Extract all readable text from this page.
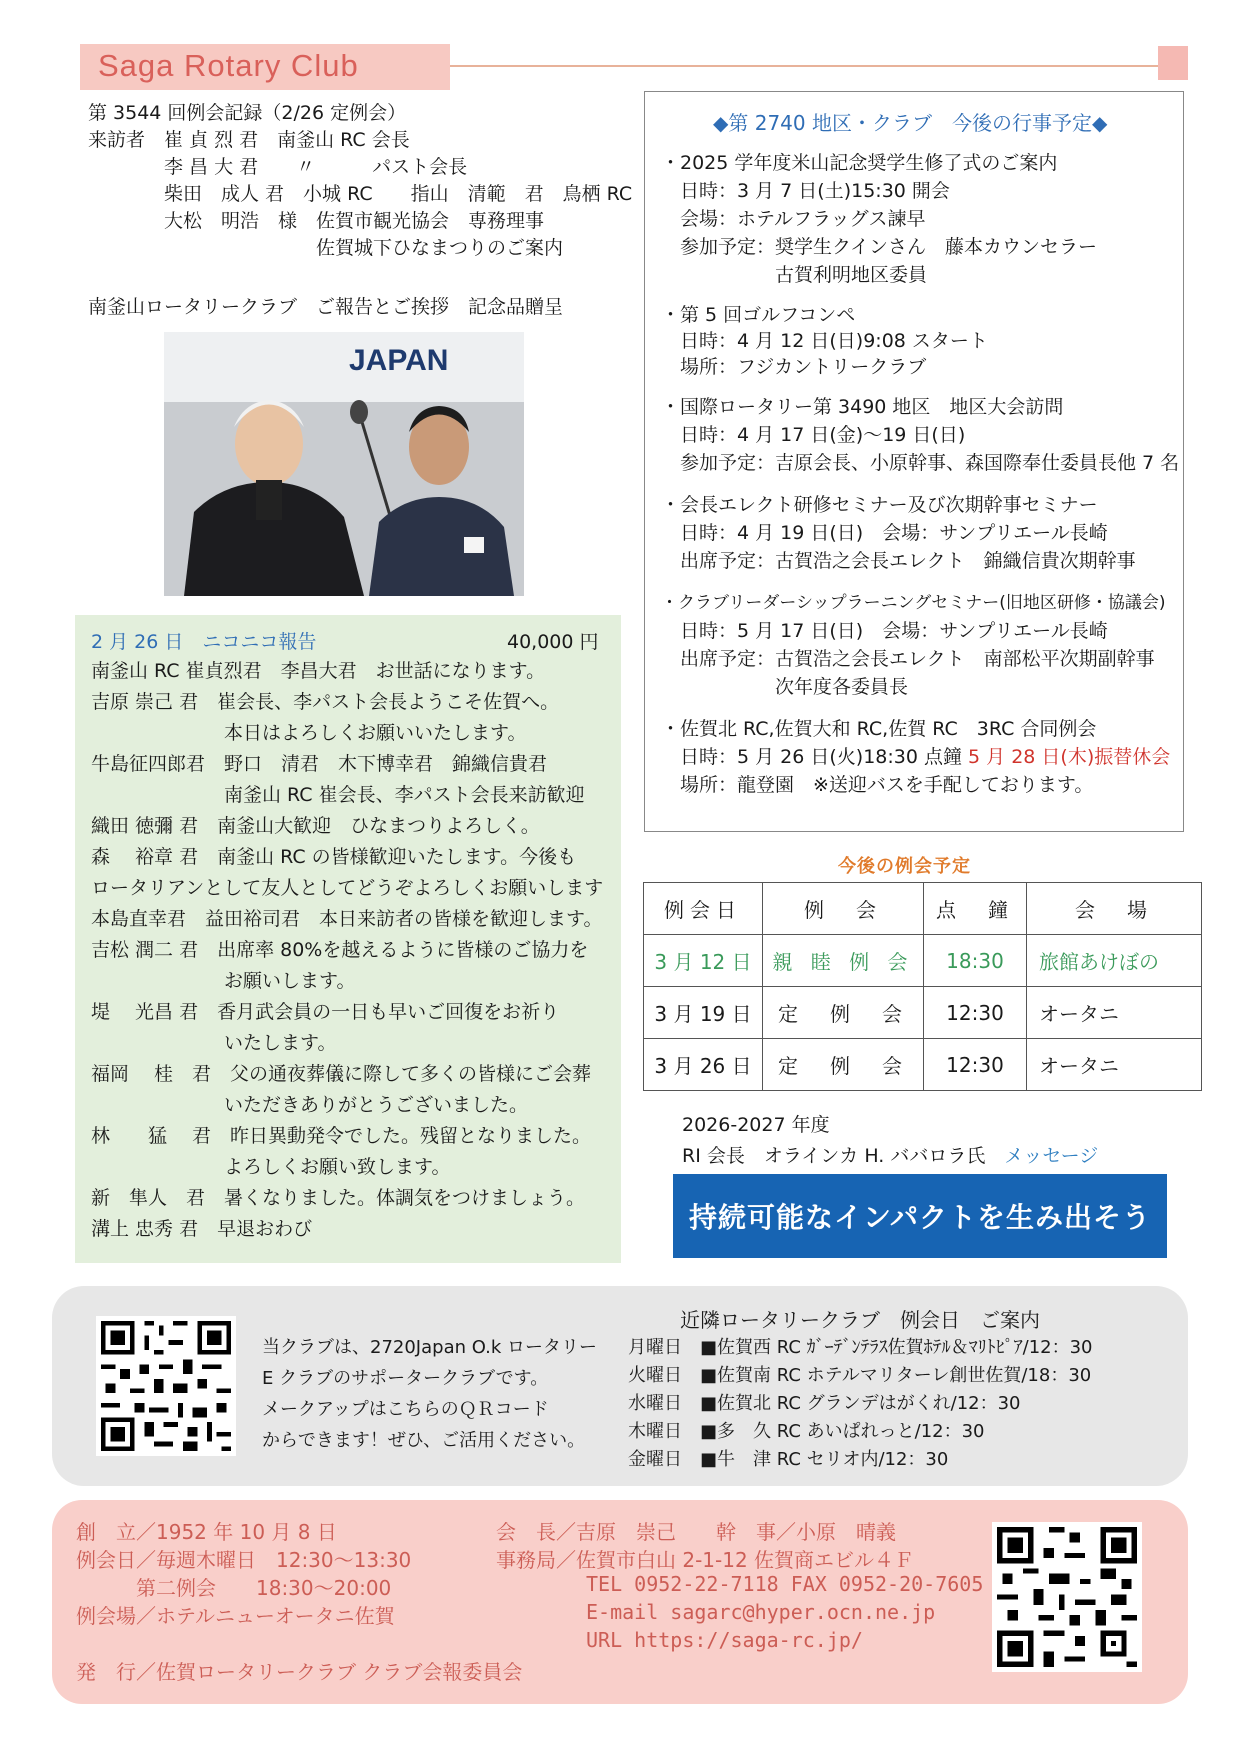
Saga Rotary Club
第 3544 回例会記録（2/26 定例会）
来訪者　崔 貞 烈 君　南釜山 RC 会長
　　　　李 昌 大 君　　〃　　　パスト会長
　　　　柴田　成人 君　小城 RC　　指山　清範　君　鳥栖 RC
　　　　大松　明浩　様　佐賀市観光協会　専務理事
　　　　　　　　　　　　佐賀城下ひなまつりのご案内
南釜山ロータリークラブ　ご報告とご挨拶　記念品贈呈
JAPAN
2 月 26 日　ニコニコ報告	40,000 円
南釜山 RC 崔貞烈君　李昌大君　お世話になります。
吉原 崇己 君　崔会長、李パスト会長ようこそ佐賀へ。
　　　　　　　本日はよろしくお願いいたします。
牛島征四郎君　野口　清君　木下博幸君　錦織信貴君
　　　　　　　南釜山 RC 崔会長、李パスト会長来訪歓迎
織田 徳彌 君　南釜山大歓迎　ひなまつりよろしく。
森　 裕章 君　南釜山 RC の皆様歓迎いたします。今後も
ロータリアンとして友人としてどうぞよろしくお願いします
本島直幸君　益田裕司君　本日来訪者の皆様を歓迎します。
吉松 潤二 君　出席率 80%を越えるように皆様のご協力を
　　　　　　　お願いします。
堤　 光昌 君　香月武会員の一日も早いご回復をお祈り
　　　　　　　いたします。
福岡　 桂　君　父の通夜葬儀に際して多くの皆様にご会葬
　　　　　　　いただきありがとうございました。
林　　猛　 君　昨日異動発令でした。残留となりました。
　　　　　　　よろしくお願い致します。
新　隼人　君　暑くなりました。体調気をつけましょう。
溝上 忠秀 君　早退おわび
◆第 2740 地区・クラブ　今後の行事予定◆
・2025 学年度米山記念奨学生修了式のご案内
　日時：3 月 7 日(土)15:30 開会
　会場：ホテルフラッグス諫早
　参加予定：奨学生クインさん　藤本カウンセラー
　　　　　　古賀利明地区委員
・第 5 回ゴルフコンペ
　日時：4 月 12 日(日)9:08 スタート
　場所：フジカントリークラブ
・国際ロータリー第 3490 地区　地区大会訪問
　日時：4 月 17 日(金)～19 日(日)
　参加予定：吉原会長、小原幹事、森国際奉仕委員長他 7 名
・会長エレクト研修セミナー及び次期幹事セミナー
　日時：4 月 19 日(日)　会場：サンプリエール長崎
　出席予定：古賀浩之会長エレクト　錦織信貴次期幹事
・クラブリーダーシップラーニングセミナー(旧地区研修・協議会)
　日時：5 月 17 日(日)　会場：サンプリエール長崎
　出席予定：古賀浩之会長エレクト　南部松平次期副幹事
　　　　　　次年度各委員長
・佐賀北 RC,佐賀大和 RC,佐賀 RC　3RC 合同例会
　日時：5 月 26 日(火)18:30 点鐘 5 月 28 日(木)振替休会
　場所：龍登園　※送迎バスを手配しております。
今後の例会予定
例会日	例　会	点　鐘	会　場
3 月 12 日	親 睦 例 会	18:30	旅館あけぼの
3 月 19 日	定　例　会	12:30	オータニ
3 月 26 日	定　例　会	12:30	オータニ
2026-2027 年度
RI 会長　オラインカ H. ババロラ氏　メッセージ
持続可能なインパクトを生み出そう
当クラブは、2720Japan O.k ロータリー
E クラブのサポータークラブです。
メークアップはこちらのＱＲコード
からできます！ぜひ、ご活用ください。
近隣ロータリークラブ　例会日　ご案内
月曜日　■佐賀西 RC ｶﾞｰﾃﾞﾝﾃﾗｽ佐賀ﾎﾃﾙ＆ﾏﾘﾄﾋﾟｱ/12：30
火曜日　■佐賀南 RC ホテルマリターレ創世佐賀/18：30
水曜日　■佐賀北 RC グランデはがくれ/12：30
木曜日　■多　久 RC あいぱれっと/12：30
金曜日　■牛　津 RC セリオ内/12：30
創　立／1952 年 10 月 8 日
例会日／毎週木曜日　12:30～13:30
　　　第二例会　　18:30～20:00
例会場／ホテルニューオータニ佐賀
発　行／佐賀ロータリークラブ クラブ会報委員会
会　長／吉原　崇己　　幹　事／小原　晴義
事務局／佐賀市白山 2-1-12 佐賀商エビル４Ｆ
TEL 0952-22-7118 FAX 0952-20-7605
E-mail sagarc@hyper.ocn.ne.jp
URL https://saga-rc.jp/
